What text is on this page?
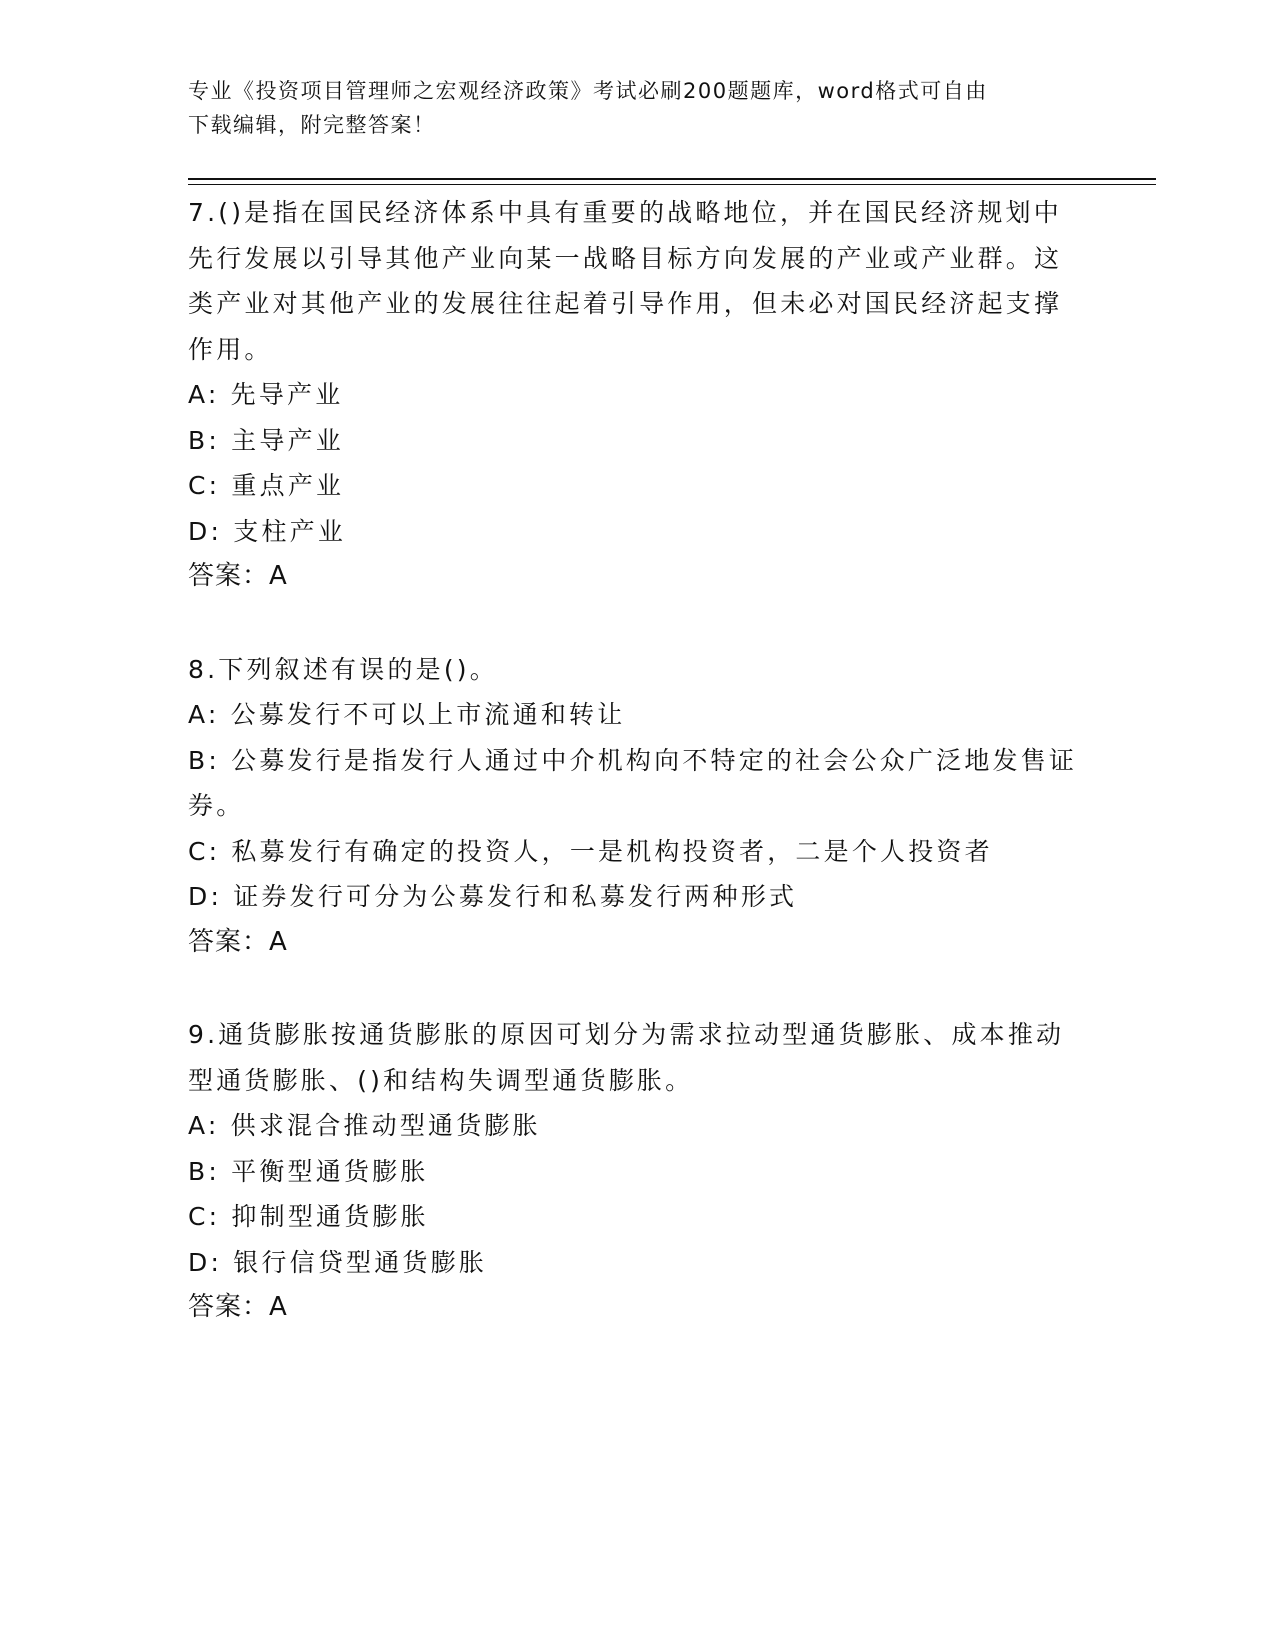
专业《投资项目管理师之宏观经济政策》考试必刷200题题库，word格式可自由
下载编辑，附完整答案！
7.()是指在国民经济体系中具有重要的战略地位，并在国民经济规划中先行发展以引导其他产业向某一战略目标方向发展的产业或产业群。这类产业对其他产业的发展往往起着引导作用，但未必对国民经济起支撑作用。
A: 先导产业
B: 主导产业
C: 重点产业
D: 支柱产业
答案：A
8.下列叙述有误的是()。
A: 公募发行不可以上市流通和转让
B: 公募发行是指发行人通过中介机构向不特定的社会公众广泛地发售证券。
C: 私募发行有确定的投资人，一是机构投资者，二是个人投资者
D: 证券发行可分为公募发行和私募发行两种形式
答案：A
9.通货膨胀按通货膨胀的原因可划分为需求拉动型通货膨胀、成本推动型通货膨胀、()和结构失调型通货膨胀。
A: 供求混合推动型通货膨胀
B: 平衡型通货膨胀
C: 抑制型通货膨胀
D: 银行信贷型通货膨胀
答案：A
